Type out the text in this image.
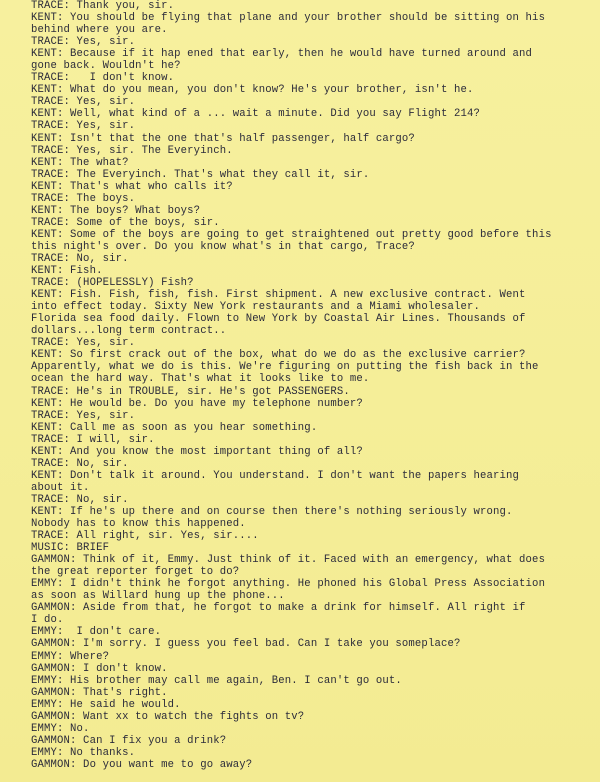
TRACE: Thank you, sir.
KENT: You should be flying that plane and your brother should be sitting on his
behind where you are.
TRACE: Yes, sir.
KENT: Because if it hap ened that early, then he would have turned around and
gone back. Wouldn't he?
TRACE:   I don't know.
KENT: What do you mean, you don't know? He's your brother, isn't he.
TRACE: Yes, sir.
KENT: Well, what kind of a ... wait a minute. Did you say Flight 214?
TRACE: Yes, sir.
KENT: Isn't that the one that's half passenger, half cargo?
TRACE: Yes, sir. The Everyinch.
KENT: The what?
TRACE: The Everyinch. That's what they call it, sir.
KENT: That's what who calls it?
TRACE: The boys.
KENT: The boys? What boys?
TRACE: Some of the boys, sir.
KENT: Some of the boys are going to get straightened out pretty good before this
this night's over. Do you know what's in that cargo, Trace?
TRACE: No, sir.
KENT: Fish.
TRACE: (HOPELESSLY) Fish?
KENT: Fish. Fish, fish, fish. First shipment. A new exclusive contract. Went
into effect today. Sixty New York restaurants and a Miami wholesaler.
Florida sea food daily. Flown to New York by Coastal Air Lines. Thousands of
dollars...long term contract..
TRACE: Yes, sir.
KENT: So first crack out of the box, what do we do as the exclusive carrier?
Apparently, what we do is this. We're figuring on putting the fish back in the
ocean the hard way. That's what it looks like to me.
TRACE: He's in TROUBLE, sir. He's got PASSENGERS.
KENT: He would be. Do you have my telephone number?
TRACE: Yes, sir.
KENT: Call me as soon as you hear something.
TRACE: I will, sir.
KENT: And you know the most important thing of all?
TRACE: No, sir.
KENT: Don't talk it around. You understand. I don't want the papers hearing
about it.
TRACE: No, sir.
KENT: If he's up there and on course then there's nothing seriously wrong.
Nobody has to know this happened.
TRACE: All right, sir. Yes, sir....
MUSIC: BRIEF
GAMMON: Think of it, Emmy. Just think of it. Faced with an emergency, what does
the great reporter forget to do?
EMMY: I didn't think he forgot anything. He phoned his Global Press Association
as soon as Willard hung up the phone...
GAMMON: Aside from that, he forgot to make a drink for himself. All right if
I do.
EMMY:  I don't care.
GAMMON: I'm sorry. I guess you feel bad. Can I take you someplace?
EMMY: Where?
GAMMON: I don't know.
EMMY: His brother may call me again, Ben. I can't go out.
GAMMON: That's right.
EMMY: He said he would.
GAMMON: Want xx to watch the fights on tv?
EMMY: No.
GAMMON: Can I fix you a drink?
EMMY: No thanks.
GAMMON: Do you want me to go away?
